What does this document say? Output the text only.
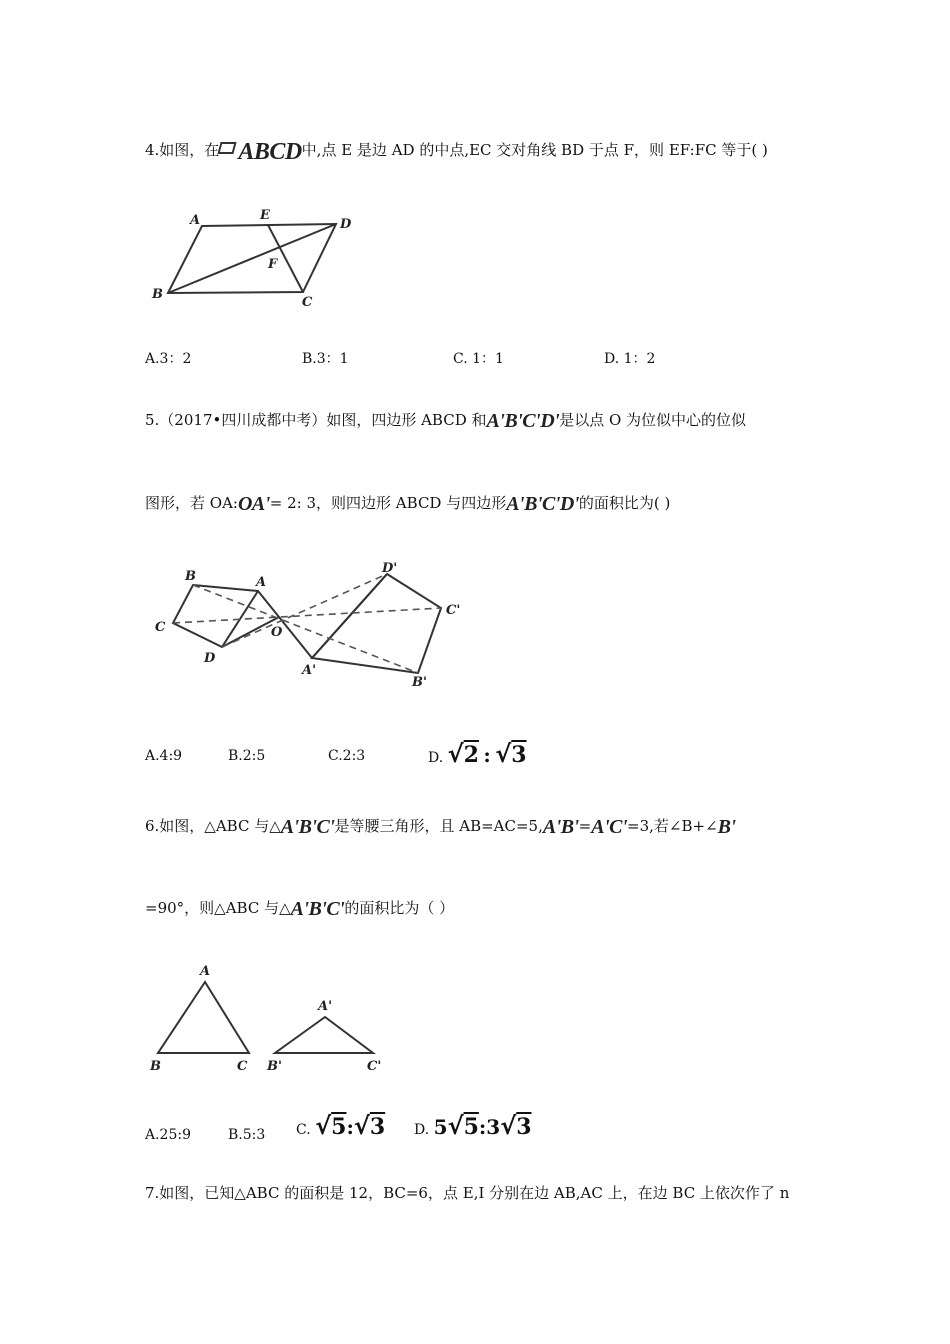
4.如图，在 ABCD中,点 E 是边 AD 的中点,EC 交对角线 BD 于点 F，则 EF:FC 等于( )
A	E
D
F
B
C
A.3：2	B.3：1	C. 1：1	D. 1：2
5.（2017•四川成都中考）如图，四边形 ABCD 和A'B'C'D'是以点 O 为位似中心的位似
图形，若 OA:OA'= 2: 3，则四边形 ABCD 与四边形A'B'C'D'的面积比为( )
B	A
C	O
D
D'
C'
A'
B'
A.4:9	B.2:5	C.2:3	D. √2 : √3
6.如图，△ABC 与△A'B'C'是等腰三角形，且 AB=AC=5,A'B'=A'C'=3,若∠B+∠B'
=90°，则△ABC 与△A'B'C'的面积比为（ ）
A
B	C
A'
B'	C'
A.25:9	B.5:3 C. √5:√3 D. 5√5:3√3
7.如图，已知△ABC 的面积是 12，BC=6，点 E,I 分别在边 AB,AC 上，在边 BC 上依次作了 n
